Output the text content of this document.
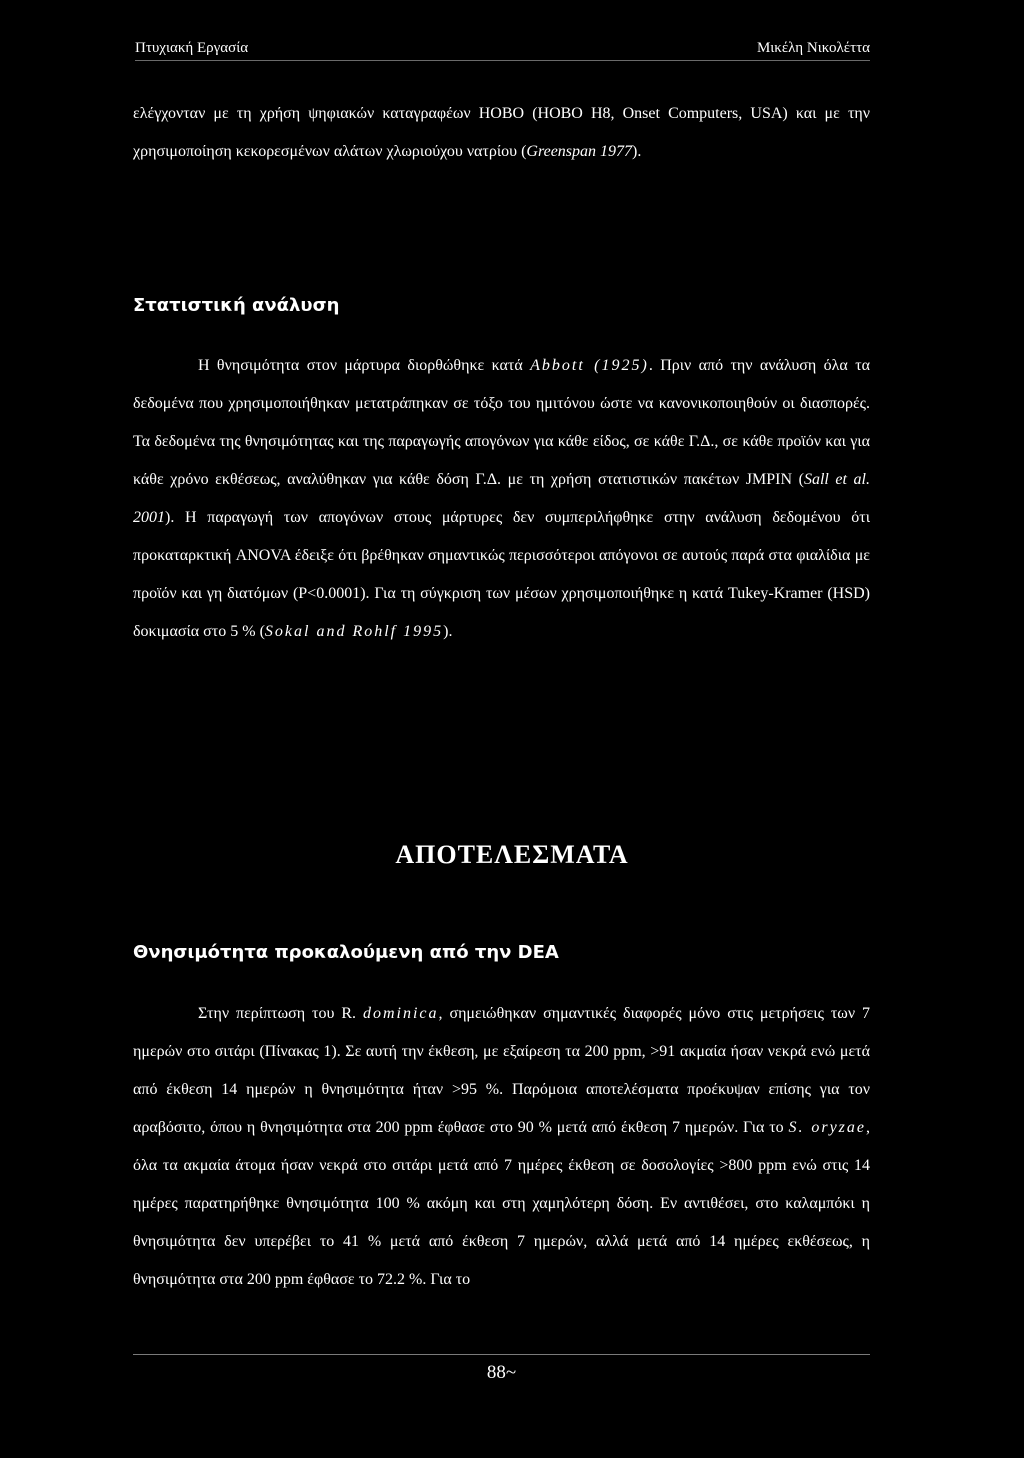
Πτυχιακή Εργασία	Μικέλη Νικολέττα

ελέγχονταν με τη χρήση ψηφιακών καταγραφέων HOBO (HOBO H8, Onset Computers, USA) και με την χρησιμοποίηση κεκορεσμένων αλάτων χλωριούχου νατρίου (Greenspan 1977).

Στατιστική ανάλυση

Η θνησιμότητα στον μάρτυρα διορθώθηκε κατά Abbott (1925). Πριν από την ανάλυση όλα τα δεδομένα που χρησιμοποιήθηκαν μετατράπηκαν σε τόξο του ημιτόνου ώστε να κανονικοποιηθούν οι διασπορές. Τα δεδομένα της θνησιμότητας και της παραγωγής απογόνων για κάθε είδος, σε κάθε Γ.Δ., σε κάθε προϊόν και για κάθε χρόνο εκθέσεως, αναλύθηκαν για κάθε δόση Γ.Δ. με τη χρήση στατιστικών πακέτων JMPIN (Sall et al. 2001). Η παραγωγή των απογόνων στους μάρτυρες δεν συμπεριλήφθηκε στην ανάλυση δεδομένου ότι προκαταρκτική ANOVA έδειξε ότι βρέθηκαν σημαντικώς περισσότεροι απόγονοι σε αυτούς παρά στα φιαλίδια με προϊόν και γη διατόμων (P<0.0001). Για τη σύγκριση των μέσων χρησιμοποιήθηκε η κατά Tukey-Kramer (HSD) δοκιμασία στο 5 % (Sokal and Rohlf 1995).

ΑΠΟΤΕΛΕΣΜΑΤΑ
Θνησιμότητα προκαλούμενη από την DEA

Στην περίπτωση του R. dominica, σημειώθηκαν σημαντικές διαφορές μόνο στις μετρήσεις των 7 ημερών στο σιτάρι (Πίνακας 1). Σε αυτή την έκθεση, με εξαίρεση τα 200 ppm, >91 ακμαία ήσαν νεκρά ενώ μετά από έκθεση 14 ημερών η θνησιμότητα ήταν >95 %. Παρόμοια αποτελέσματα προέκυψαν επίσης για τον αραβόσιτο, όπου η θνησιμότητα στα 200 ppm έφθασε στο 90 % μετά από έκθεση 7 ημερών. Για το S. oryzae, όλα τα ακμαία άτομα ήσαν νεκρά στο σιτάρι μετά από 7 ημέρες έκθεση σε δοσολογίες >800 ppm ενώ στις 14 ημέρες παρατηρήθηκε θνησιμότητα 100 % ακόμη και στη χαμηλότερη δόση. Εν αντιθέσει, στο καλαμπόκι η θνησιμότητα δεν υπερέβει το 41 % μετά από έκθεση 7 ημερών, αλλά μετά από 14 ημέρες εκθέσεως, η θνησιμότητα στα 200 ppm έφθασε το 72.2 %. Για το

88~
